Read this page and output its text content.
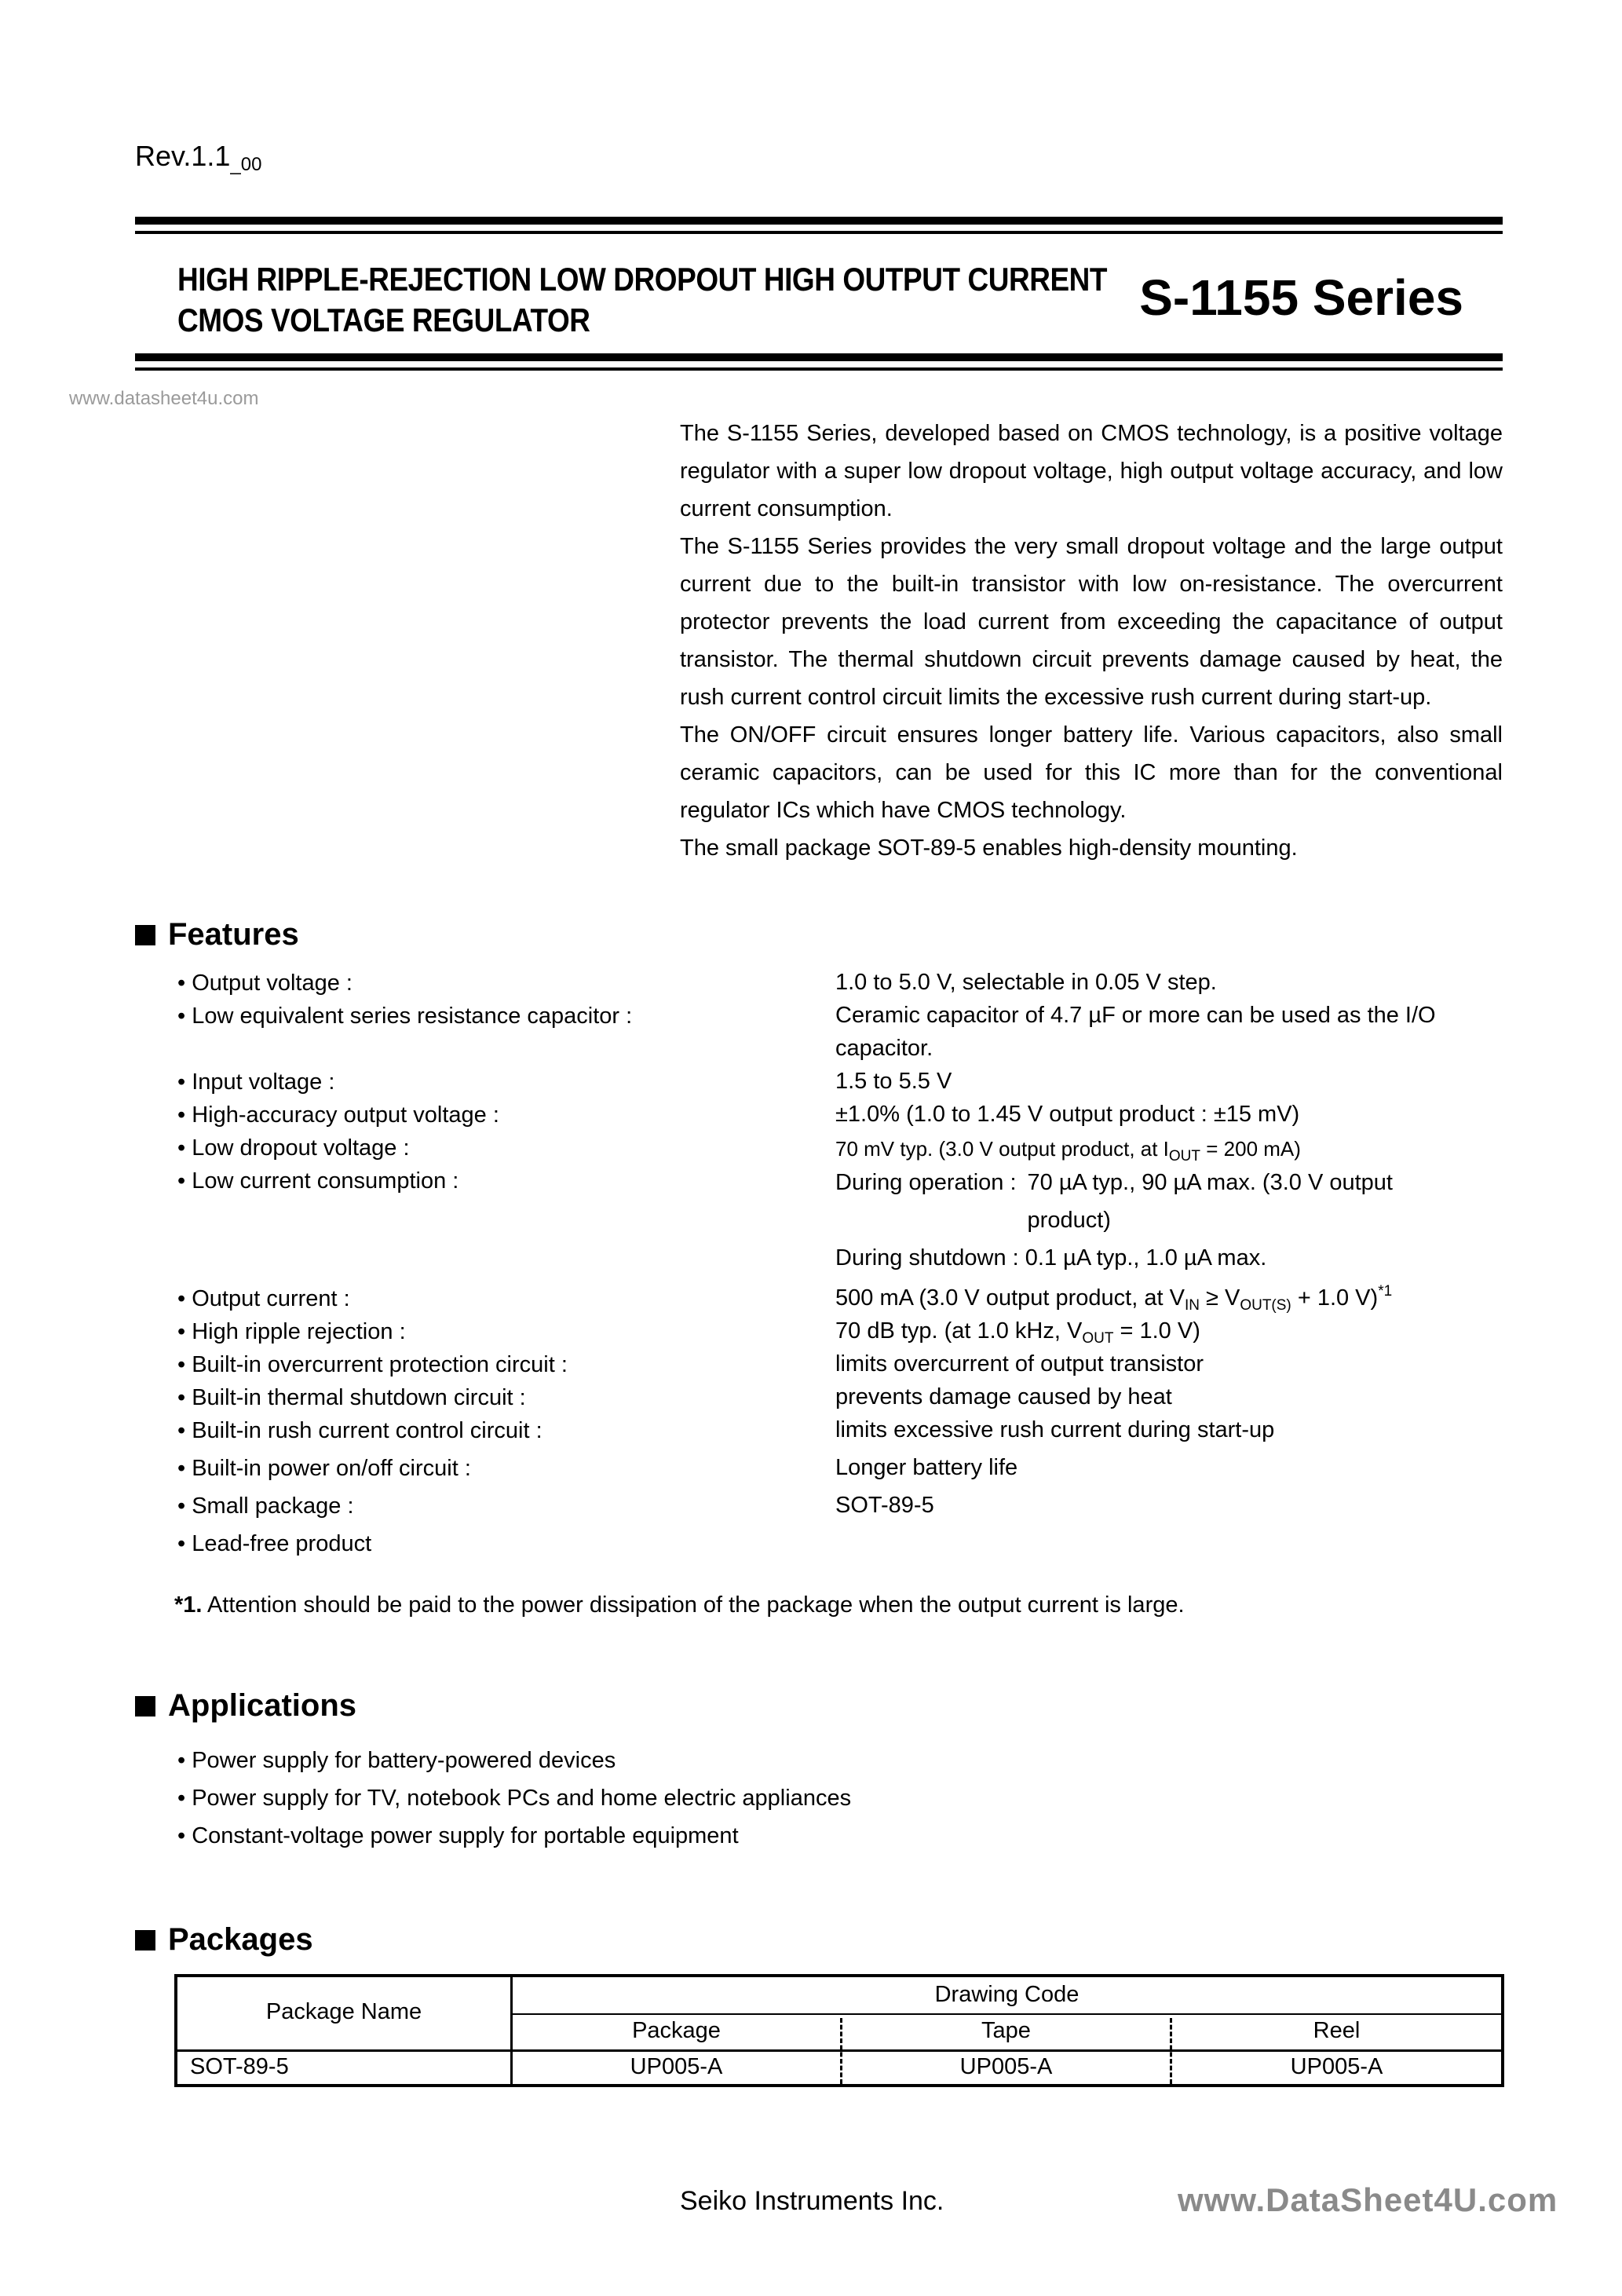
$Rev.1.1_{\_00}$
HIGH RIPPLE-REJECTION LOW DROPOUT HIGH OUTPUT CURRENT
CMOS VOLTAGE REGULATOR	S-1155 Series
www.datasheet4u.com

The S-1155 Series, developed based on CMOS technology, is a positive voltage regulator with a super low dropout voltage, high output voltage accuracy, and low current consumption.

The S-1155 Series provides the very small dropout voltage and the large output current due to the built-in transistor with low on-resistance. The overcurrent protector prevents the load current from exceeding the capacitance of output transistor. The thermal shutdown circuit prevents damage caused by heat, the rush current control circuit limits the excessive rush current during start-up.

The ON/OFF circuit ensures longer battery life. Various capacitors, also small ceramic capacitors, can be used for this IC more than for the conventional regulator ICs which have CMOS technology.

The small package SOT-89-5 enables high-density mounting.

Features
• Output voltage :	1.0 to 5.0 V, selectable in 0.05 V step.
• Low equivalent series resistance capacitor :	Ceramic capacitor of 4.7 µF or more can be used as the I/O capacitor.
• Input voltage :	1.5 to 5.5 V
• High-accuracy output voltage :	±1.0% (1.0 to 1.45 V output product : ±15 mV)
• Low dropout voltage :	70 mV typ. (3.0 V output product, at $I_{OUT} = 200$ mA)
• Low current consumption :	During operation : 70 µA typ., 90 µA max. (3.0 V output product)
During shutdown : 0.1 µA typ., 1.0 µA max.
• Output current :	500 mA (3.0 V output product, at $V_{IN} \ge V_{OUT(S)} + 1.0$ V)$^{*1}$
• High ripple rejection :	70 dB typ. (at 1.0 kHz, $V_{OUT} = 1.0$ V)
• Built-in overcurrent protection circuit :	limits overcurrent of output transistor
• Built-in thermal shutdown circuit :	prevents damage caused by heat
• Built-in rush current control circuit :	limits excessive rush current during start-up
• Built-in power on/off circuit :	Longer battery life
• Small package :	SOT-89-5
• Lead-free product
*1. Attention should be paid to the power dissipation of the package when the output current is large.
Applications
• Power supply for battery-powered devices
• Power supply for TV, notebook PCs and home electric appliances
• Constant-voltage power supply for portable equipment
Packages
Package Name
Drawing Code
Package	Tape	Reel
SOT-89-5	UP005-A	UP005-A	UP005-A
Seiko Instruments Inc.	www.DataSheet4U.com
